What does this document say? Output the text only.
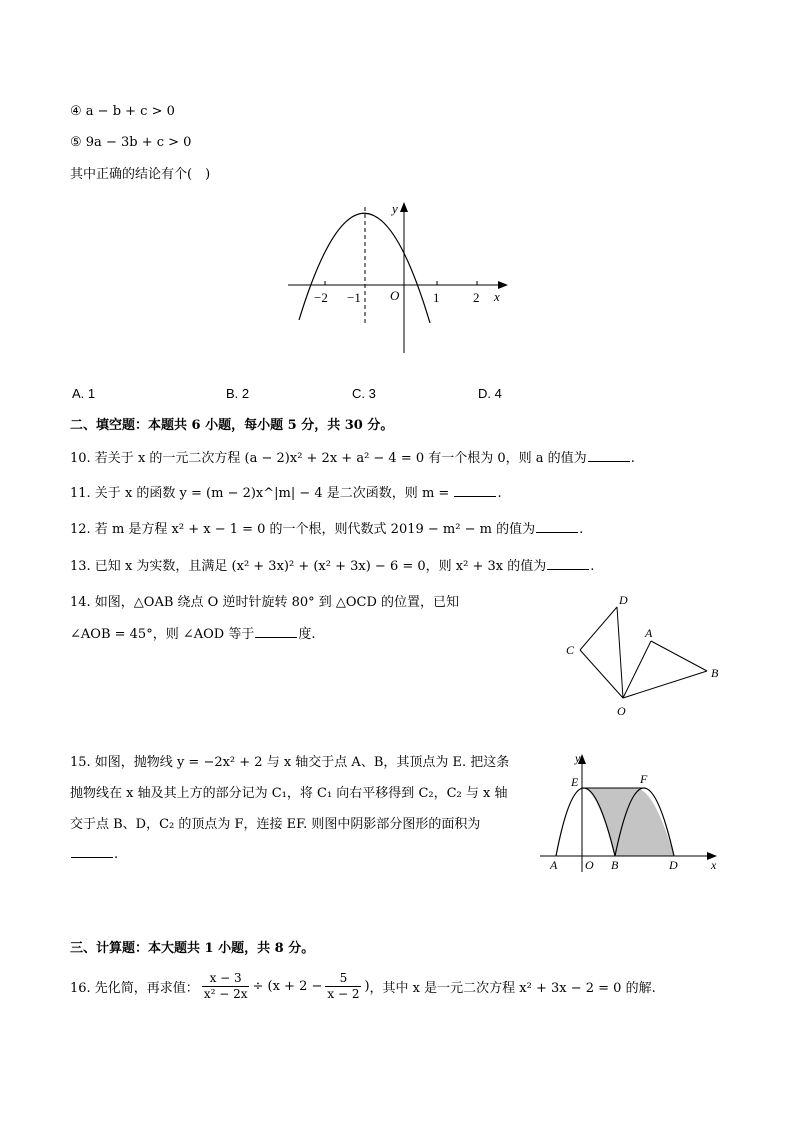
④ a − b + c > 0
⑤ 9a − 3b + c > 0
其中正确的结论有个(　)
y
x
O
−2 −1	1	2
A. 1	B. 2	C. 3	D. 4
二、填空题：本题共 6 小题，每小题 5 分，共 30 分。
10. 若关于 x 的一元二次方程 (a − 2)x² + 2x + a² − 4 = 0 有一个根为 0，则 a 的值为	.
11. 关于 x 的函数 y = (m − 2)x^|m| − 4 是二次函数，则 m =	.
12. 若 m 是方程 x² + x − 1 = 0 的一个根，则代数式 2019 − m² − m 的值为	.
13. 已知 x 为实数，且满足 (x² + 3x)² + (x² + 3x) − 6 = 0，则 x² + 3x 的值为	.
14. 如图，△OAB 绕点 O 逆时针旋转 80° 到 △OCD 的位置，已知
∠AOB = 45°，则 ∠AOD 等于	度.
D
A
C
B
O
15. 如图，抛物线 y = −2x² + 2 与 x 轴交于点 A、B，其顶点为 E. 把这条
抛物线在 x 轴及其上方的部分记为 C₁，将 C₁ 向右平移得到 C₂，C₂ 与 x 轴
交于点 B、D，C₂ 的顶点为 F，连接 EF. 则图中阴影部分图形的面积为
.
y
x
E	F
A O B	D
三、计算题：本大题共 1 小题，共 8 分。
16. 先化简，再求值： $\frac{x - 3}{\text{x² − 2x}} \div (x + 2 - \frac{5}{x - 2}$ ) ，其中 x 是一元二次方程 x² + 3x − 2 = 0 的解.
